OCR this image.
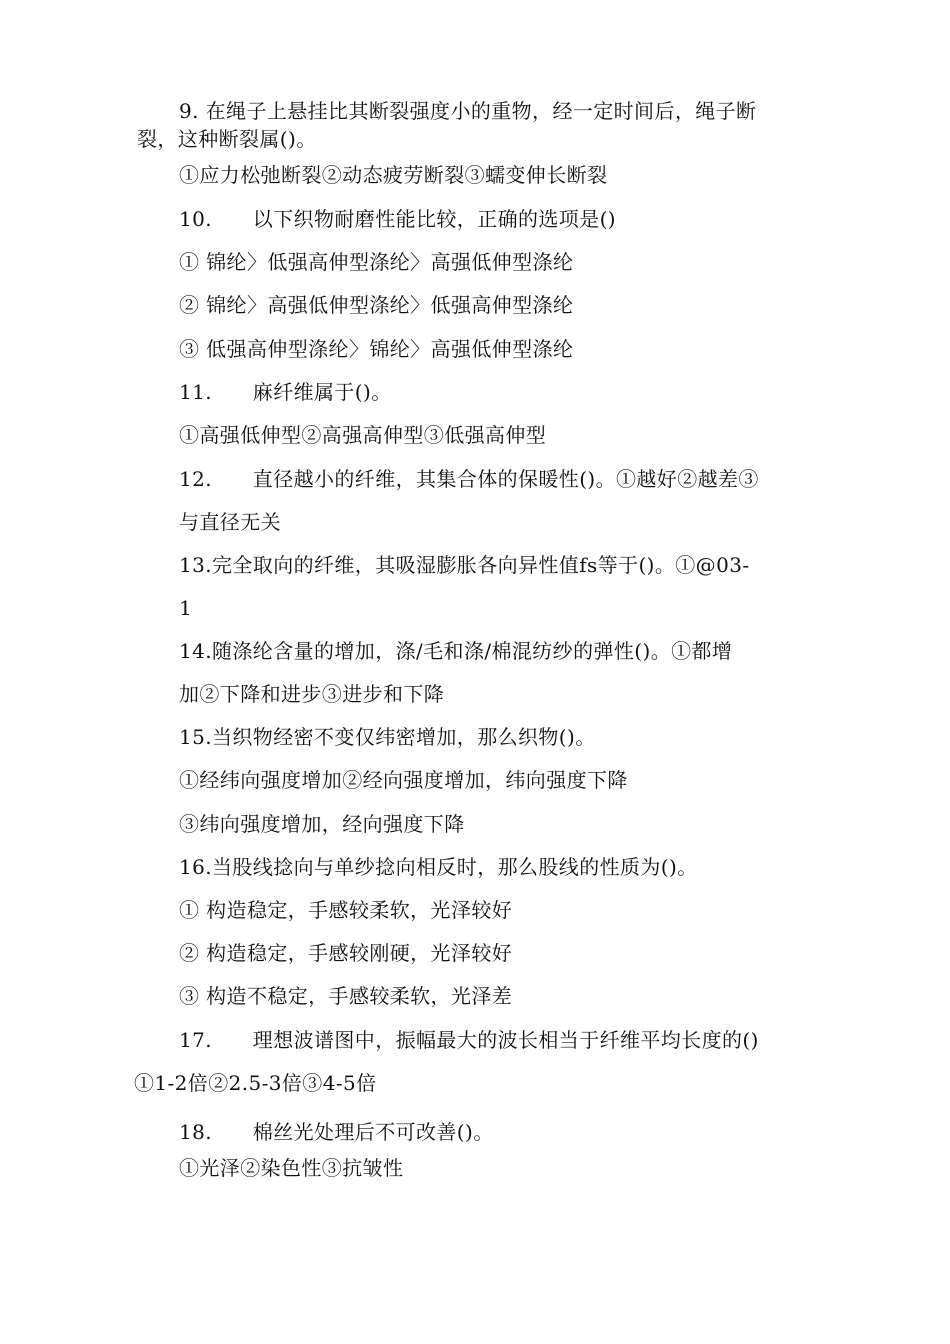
9. 在绳子上悬挂比其断裂强度小的重物，经一定时间后，绳子断
裂，这种断裂属()。
①应力松弛断裂②动态疲劳断裂③蠕变伸长断裂
10.　　以下织物耐磨性能比较，正确的选项是()
① 锦纶〉低强高伸型涤纶〉高强低伸型涤纶
② 锦纶〉高强低伸型涤纶〉低强高伸型涤纶
③ 低强高伸型涤纶〉锦纶〉高强低伸型涤纶
11.　　麻纤维属于()。
①高强低伸型②高强高伸型③低强高伸型
12.　　直径越小的纤维，其集合体的保暖性()。①越好②越差③
与直径无关
13.完全取向的纤维，其吸湿膨胀各向异性值fs等于()。①@03-
1
14.随涤纶含量的增加，涤/毛和涤/棉混纺纱的弹性()。①都增
加②下降和进步③进步和下降
15.当织物经密不变仅纬密增加，那么织物()。
①经纬向强度增加②经向强度增加，纬向强度下降
③纬向强度增加，经向强度下降
16.当股线捻向与单纱捻向相反时，那么股线的性质为()。
① 构造稳定，手感较柔软，光泽较好
② 构造稳定，手感较刚硬，光泽较好
③ 构造不稳定，手感较柔软，光泽差
17.　　理想波谱图中，振幅最大的波长相当于纤维平均长度的()
①1-2倍②2.5-3倍③4-5倍
18.　　棉丝光处理后不可改善()。
①光泽②染色性③抗皱性
